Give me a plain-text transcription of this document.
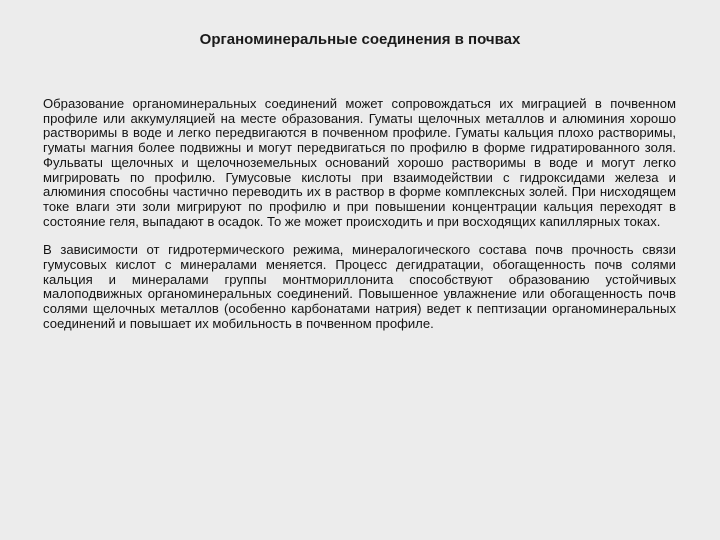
Органоминеральные соединения в почвах

Образование органоминеральных соединений может сопровождаться их миграцией в почвенном профиле или аккумуляцией на месте образования. Гуматы щелочных металлов и алюминия хорошо растворимы в воде и легко передвигаются в почвенном профиле. Гуматы кальция плохо растворимы, гуматы магния более подвижны и могут передвигаться по профилю в форме гидратированного золя. Фульваты щелочных и щелочноземельных оснований хорошо растворимы в воде и могут легко мигрировать по профилю. Гумусовые кислоты при взаимодействии с гидроксидами железа и алюминия способны частично переводить их в раствор в форме комплексных золей. При нисходящем токе влаги эти золи мигрируют по профилю и при повышении концентрации кальция переходят в состояние геля, выпадают в осадок. То же может происходить и при восходящих капиллярных токах.

В зависимости от гидротермического режима, минералогического состава почв прочность связи гумусовых кислот с минералами меняется. Процесс дегидратации, обогащенность почв солями кальция и минералами группы монтмориллонита способствуют образованию устойчивых малоподвижных органоминеральных соединений. Повышенное увлажнение или обогащенность почв солями щелочных металлов (особенно карбонатами натрия) ведет к пептизации органоминеральных соединений и повышает их мобильность в почвенном профиле.
